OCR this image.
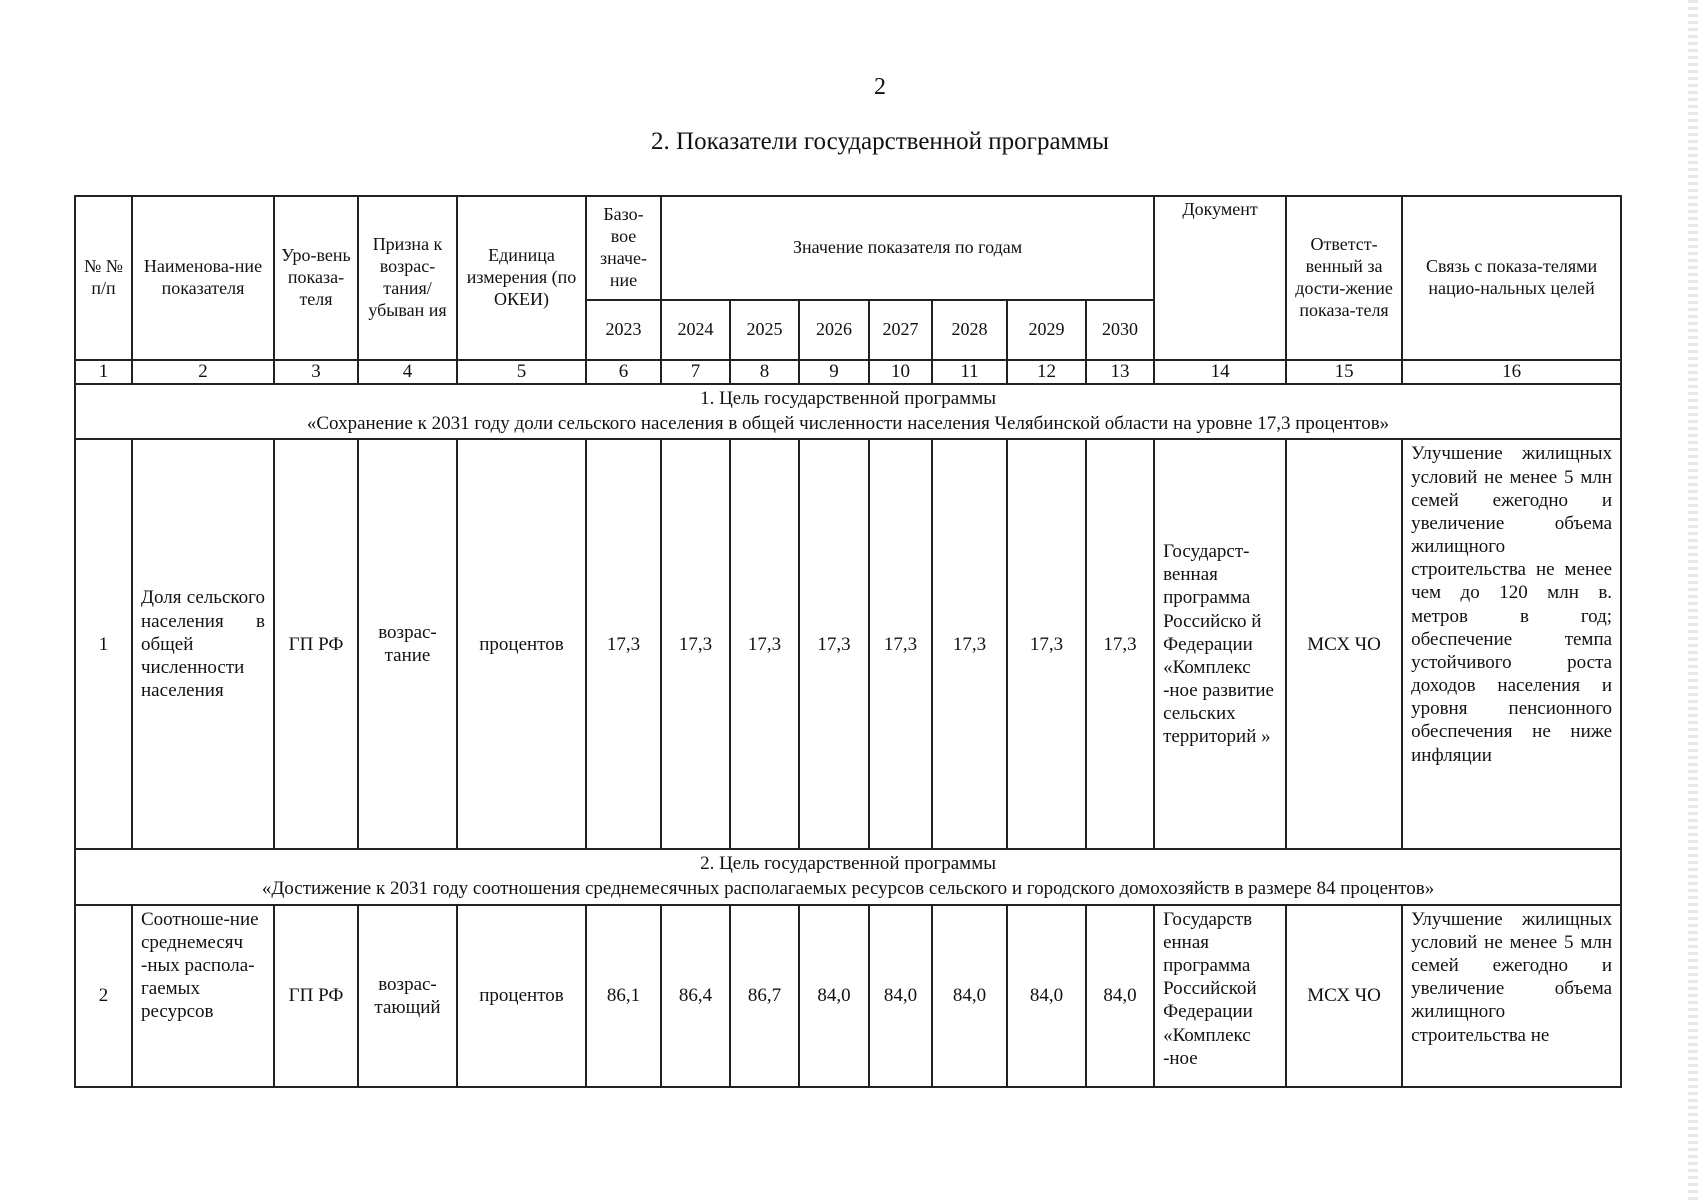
2
2. Показатели государственной программы
№ № п/п	Наименова-ние показателя	Уро-вень показа-теля	Призна к возрас-тания/ убыван ия	Единица измерения (по ОКЕИ)	Базо-вое значе-ние	Значение показателя по годам							Документ	Ответст-венный за дости-жение показа-теля	Связь с показа-телями нацио-нальных целей
					2023	2024	2025	2026	2027	2028	2029	2030			
1	2	3	4	5	6	7	8	9	10	11	12	13	14	15	16

1. Цель государственной программы
«Сохранение к 2031 году доли сельского населения в общей численности населения Челябинской области на уровне 17,3 процентов»															

1	Доля сельского населения в общей численности населения	ГП РФ	возрас-тание	процентов	17,3	17,3	17,3	17,3	17,3	17,3	17,3	17,3	Государст-венная программа Российско й Федерации «Комплекс -ное развитие сельских территорий »	МСХ ЧО	Улучшение жилищных условий не менее 5 млн семей ежегодно и увеличение объема жилищного строительства не менее чем до 120 млн в. метров в год; обеспечение темпа устойчивого роста доходов населения и уровня пенсионного обеспечения не ниже инфляции

2. Цель государственной программы
«Достижение к 2031 году соотношения среднемесячных располагаемых ресурсов сельского и городского домохозяйств в размере 84 процентов»															

2	Соотноше-ние среднемесяч -ных распола-гаемых ресурсов	ГП РФ	возрас-тающий	процентов	86,1	86,4	86,7	84,0	84,0	84,0	84,0	84,0	Государств енная программа Российской Федерации «Комплекс -ное	МСХ ЧО	Улучшение жилищных условий не менее 5 млн семей ежегодно и увеличение объема жилищного строительства не
